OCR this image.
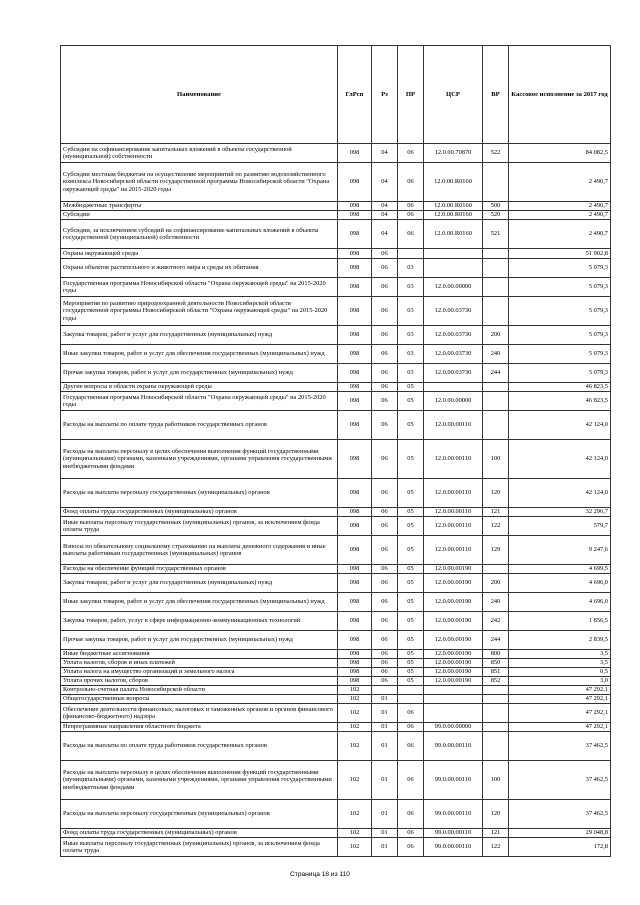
Наименование	ГлРсп	Рз	ПР	ЦСР	ВР	Кассовое исполнение за 2017 год
Субсидии на софинансирование капитальных вложений в объекты государственной (муниципальной) собственности	098	04	06	12.0.00.70870	522	84 082,5
Субсидии местным бюджетам на осуществление мероприятий по развитию водохозяйственного комплекса Новосибирской области государственной программы Новосибирской области "Охрана окружающей среды" на 2015-2020 годы	098	04	06	12.0.00.R0160		2 490,7
Межбюджетные трансферты	098	04	06	12.0.00.R0160	500	2 490,7
Субсидии	098	04	06	12.0.00.R0160	520	2 490,7
Субсидии, за исключением субсидий на софинансирование капитальных вложений в объекты государственной (муниципальной) собственности	098	04	06	12.0.00.R0160	521	2 490,7
Охрана окружающей среды	098	06				51 902,8
Охрана объектов растительного и животного мира и среды их обитания	098	06	03			5 079,3
Государственная программа Новосибирской области "Охрана окружающей среды" на 2015-2020 годы	098	06	03	12.0.00.00000		5 079,3
Мероприятия по развитию природоохранной деятельности Новосибирской области государственной программы Новосибирской области "Охрана окружающей среды" на 2015-2020 годы	098	06	03	12.0.00.03730		5 079,3
Закупка товаров, работ и услуг для государственных (муниципальных) нужд	098	06	03	12.0.00.03730	200	5 079,3
Иные закупки товаров, работ и услуг для обеспечения государственных (муниципальных) нужд	098	06	03	12.0.00.03730	240	5 079,3
Прочая закупка товаров, работ и услуг для государственных (муниципальных) нужд	098	06	03	12.0.00.03730	244	5 079,3
Другие вопросы в области охраны окружающей среды	098	06	05			46 823,5
Государственная программа Новосибирской области "Охрана окружающей среды" на 2015-2020 годы	098	06	05	12.0.00.00000		46 823,5
Расходы на выплаты по оплате труда работников государственных органов	098	06	05	12.0.00.00110		42 124,0
Расходы на выплаты персоналу в целях обеспечения выполнения функций государственными (муниципальными) органами, казенными учреждениями, органами управления государственными внебюджетными фондами	098	06	05	12.0.00.00110	100	42 124,0
Расходы на выплаты персоналу государственных (муниципальных) органов	098	06	05	12.0.00.00110	120	42 124,0
Фонд оплаты труда государственных (муниципальных) органов	098	06	05	12.0.00.00110	121	32 296,7
Иные выплаты персоналу государственных (муниципальных) органов, за исключением фонда оплаты труда	098	06	05	12.0.00.00110	122	579,7
Взносы по обязательному социальному страхованию на выплаты денежного содержания и иные выплаты работникам государственных (муниципальных) органов	098	06	05	12.0.00.00110	129	9 247,6
Расходы на обеспечение функций государственных органов	098	06	05	12.0.00.00190		4 699,5
Закупка товаров, работ и услуг для государственных (муниципальных) нужд	098	06	05	12.0.00.00190	200	4 696,0
Иные закупки товаров, работ и услуг для обеспечения государственных (муниципальных) нужд	098	06	05	12.0.00.00190	240	4 696,0
Закупка товаров, работ, услуг в сфере информационно-коммуникационных технологий	098	06	05	12.0.00.00190	242	1 856,5
Прочая закупка товаров, работ и услуг для государственных (муниципальных) нужд	098	06	05	12.0.00.00190	244	2 839,5
Иные бюджетные ассигнования	098	06	05	12.0.00.00190	800	3,5
Уплата налогов, сборов и иных платежей	098	06	05	12.0.00.00190	850	3,5
Уплата налога на имущество организаций и земельного налога	098	06	05	12.0.00.00190	851	0,5
Уплата прочих налогов, сборов	098	06	05	12.0.00.00190	852	3,0
Контрольно-счетная палата Новосибирской области	102					47 292,1
Общегосударственные вопросы	102	01				47 292,1
Обеспечение деятельности финансовых, налоговых и таможенных органов и органов финансового (финансово-бюджетного) надзора	102	01	06			47 292,1
Непрограммные направления областного бюджета	102	01	06	99.0.00.00000		47 292,1
Расходы на выплаты по оплате труда работников государственных органов	102	01	06	99.0.00.00110		37 462,5
Расходы на выплаты персоналу в целях обеспечения выполнения функций государственными (муниципальными) органами, казенными учреждениями, органами управления государственными внебюджетными фондами	102	01	06	99.0.00.00110	100	37 462,5
Расходы на выплаты персоналу государственных (муниципальных) органов	102	01	06	99.0.00.00110	120	37 462,5
Фонд оплаты труда государственных (муниципальных) органов	102	01	06	99.0.00.00110	121	29 048,8
Иные выплаты персоналу государственных (муниципальных) органов, за исключением фонда оплаты труда	102	01	06	99.0.00.00110	122	172,8
Страница 18 из 110
